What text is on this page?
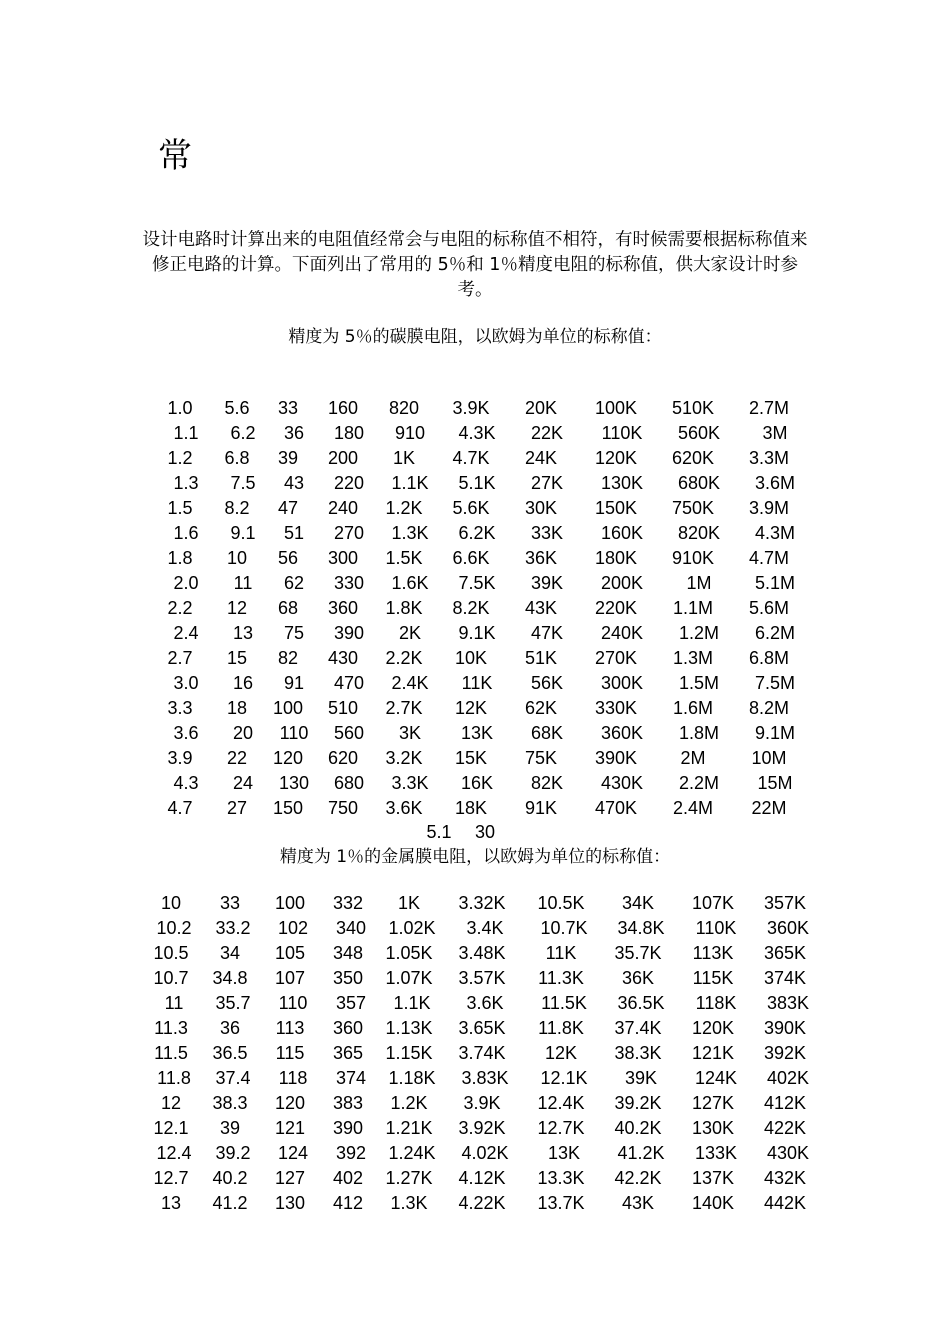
常
设计电路时计算出来的电阻值经常会与电阻的标称值不相符，有时候需要根据标称值来修正电路的计算。下面列出了常用的 5％和 1％精度电阻的标称值，供大家设计时参考。
精度为 5％的碳膜电阻，以欧姆为单位的标称值：
1.0	5.6	33	160	820	3.9K	20K	100K	510K	2.7M
1.1	6.2	36	180	910	4.3K	22K	110K	560K	3M
1.2	6.8	39	200	1K	4.7K	24K	120K	620K	3.3M
1.3	7.5	43	220	1.1K	5.1K	27K	130K	680K	3.6M
1.5	8.2	47	240	1.2K	5.6K	30K	150K	750K	3.9M
1.6	9.1	51	270	1.3K	6.2K	33K	160K	820K	4.3M
1.8	10	56	300	1.5K	6.6K	36K	180K	910K	4.7M
2.0	11	62	330	1.6K	7.5K	39K	200K	1M	5.1M
2.2	12	68	360	1.8K	8.2K	43K	220K	1.1M	5.6M
2.4	13	75	390	2K	9.1K	47K	240K	1.2M	6.2M
2.7	15	82	430	2.2K	10K	51K	270K	1.3M	6.8M
3.0	16	91	470	2.4K	11K	56K	300K	1.5M	7.5M
3.3	18	100	510	2.7K	12K	62K	330K	1.6M	8.2M
3.6	20	110	560	3K	13K	68K	360K	1.8M	9.1M
3.9	22	120	620	3.2K	15K	75K	390K	2M	10M
4.3	24	130	680	3.3K	16K	82K	430K	2.2M	15M
4.7	27	150	750	3.6K	18K	91K	470K	2.4M	22M
5.1 30
精度为 1％的金属膜电阻，以欧姆为单位的标称值：
10	33	100	332	1K	3.32K	10.5K	34K	107K	357K
10.2	33.2	102	340	1.02K	3.4K	10.7K	34.8K	110K	360K
10.5	34	105	348	1.05K	3.48K	11K	35.7K	113K	365K
10.7	34.8	107	350	1.07K	3.57K	11.3K	36K	115K	374K
11	35.7	110	357	1.1K	3.6K	11.5K	36.5K	118K	383K
11.3	36	113	360	1.13K	3.65K	11.8K	37.4K	120K	390K
11.5	36.5	115	365	1.15K	3.74K	12K	38.3K	121K	392K
11.8	37.4	118	374	1.18K	3.83K	12.1K	39K	124K	402K
12	38.3	120	383	1.2K	3.9K	12.4K	39.2K	127K	412K
12.1	39	121	390	1.21K	3.92K	12.7K	40.2K	130K	422K
12.4	39.2	124	392	1.24K	4.02K	13K	41.2K	133K	430K
12.7	40.2	127	402	1.27K	4.12K	13.3K	42.2K	137K	432K
13	41.2	130	412	1.3K	4.22K	13.7K	43K	140K	442K
